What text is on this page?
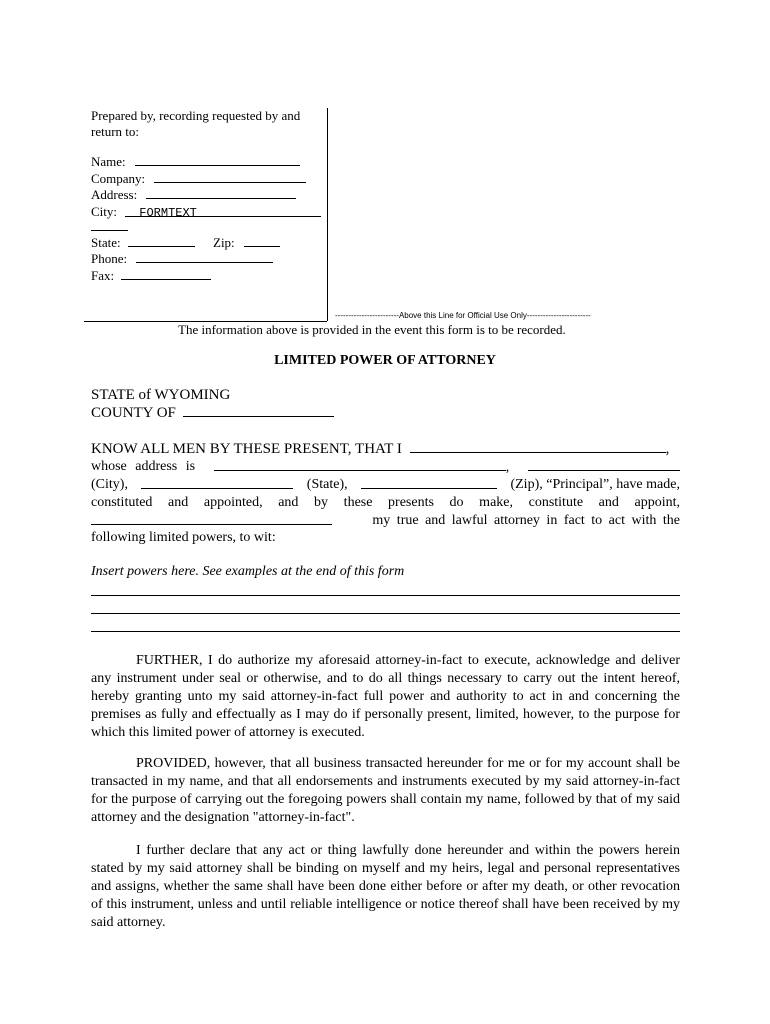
Prepared by, recording requested by and
return to:
Name:
Company:
Address:
City: FORMTEXT
State:	Zip:
Phone:
Fax:
------------------------Above this Line for Official Use Only------------------------
The information above is provided in the event this form is to be recorded.
LIMITED POWER OF ATTORNEY
STATE of WYOMING
COUNTY OF
KNOW ALL MEN BY THESE PRESENT, THAT I	,
whose address is	,
(City),	(State),	(Zip), “Principal”, have made,
constituted and appointed, and by these presents do make, constitute and appoint,
my true and lawful attorney in fact to act with the
following limited powers, to wit:
Insert powers here. See examples at the end of this form
FURTHER, I do authorize my aforesaid attorney-in-fact to execute, acknowledge and deliver any instrument under seal or otherwise, and to do all things necessary to carry out the intent hereof, hereby granting unto my said attorney-in-fact full power and authority to act in and concerning the premises as fully and effectually as I may do if personally present, limited, however, to the purpose for which this limited power of attorney is executed.
PROVIDED, however, that all business transacted hereunder for me or for my account shall be transacted in my name, and that all endorsements and instruments executed by my said attorney-in-fact for the purpose of carrying out the foregoing powers shall contain my name, followed by that of my said attorney and the designation "attorney-in-fact".
I further declare that any act or thing lawfully done hereunder and within the powers herein stated by my said attorney shall be binding on myself and my heirs, legal and personal representatives and assigns, whether the same shall have been done either before or after my death, or other revocation of this instrument, unless and until reliable intelligence or notice thereof shall have been received by my said attorney.
